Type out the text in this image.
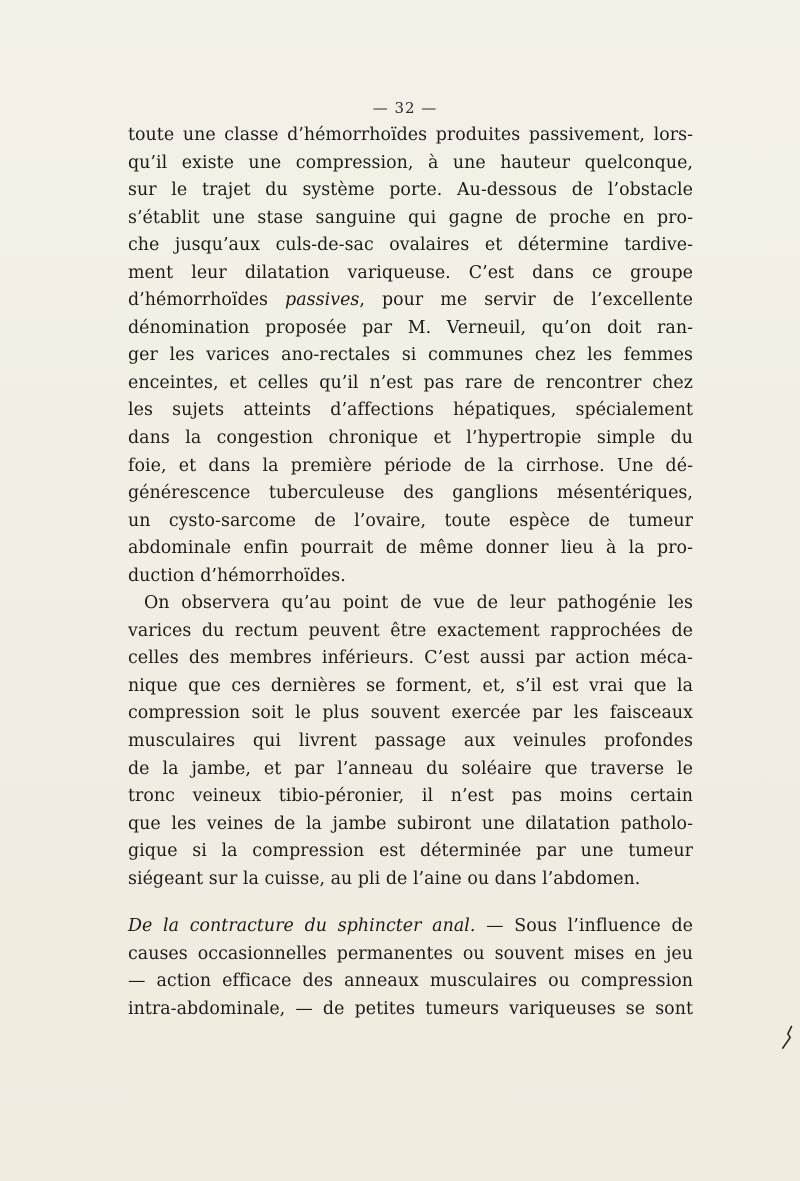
— 32 —
toute une classe d’hémorrhoïdes produites passivement, lors-
qu’il existe une compression, à une hauteur quelconque,
sur le trajet du système porte. Au-dessous de l’obstacle
s’établit une stase sanguine qui gagne de proche en pro-
che jusqu’aux culs-de-sac ovalaires et détermine tardive-
ment leur dilatation variqueuse. C’est dans ce groupe
d’hémorrhoïdes passives, pour me servir de l’excellente
dénomination proposée par M. Verneuil, qu’on doit ran-
ger les varices ano-rectales si communes chez les femmes
enceintes, et celles qu’il n’est pas rare de rencontrer chez
les sujets atteints d’affections hépatiques, spécialement
dans la congestion chronique et l’hypertropie simple du
foie, et dans la première période de la cirrhose. Une dé-
générescence tuberculeuse des ganglions mésentériques,
un cysto-sarcome de l’ovaire, toute espèce de tumeur
abdominale enfin pourrait de même donner lieu à la pro-
duction d’hémorrhoïdes.
On observera qu’au point de vue de leur pathogénie les
varices du rectum peuvent être exactement rapprochées de
celles des membres inférieurs. C’est aussi par action méca-
nique que ces dernières se forment, et, s’il est vrai que la
compression soit le plus souvent exercée par les faisceaux
musculaires qui livrent passage aux veinules profondes
de la jambe, et par l’anneau du soléaire que traverse le
tronc veineux tibio-péronier, il n’est pas moins certain
que les veines de la jambe subiront une dilatation patholo-
gique si la compression est déterminée par une tumeur
siégeant sur la cuisse, au pli de l’aine ou dans l’abdomen.
De la contracture du sphincter anal. — Sous l’influence de
causes occasionnelles permanentes ou souvent mises en jeu
— action efficace des anneaux musculaires ou compression
intra-abdominale, — de petites tumeurs variqueuses se sont
